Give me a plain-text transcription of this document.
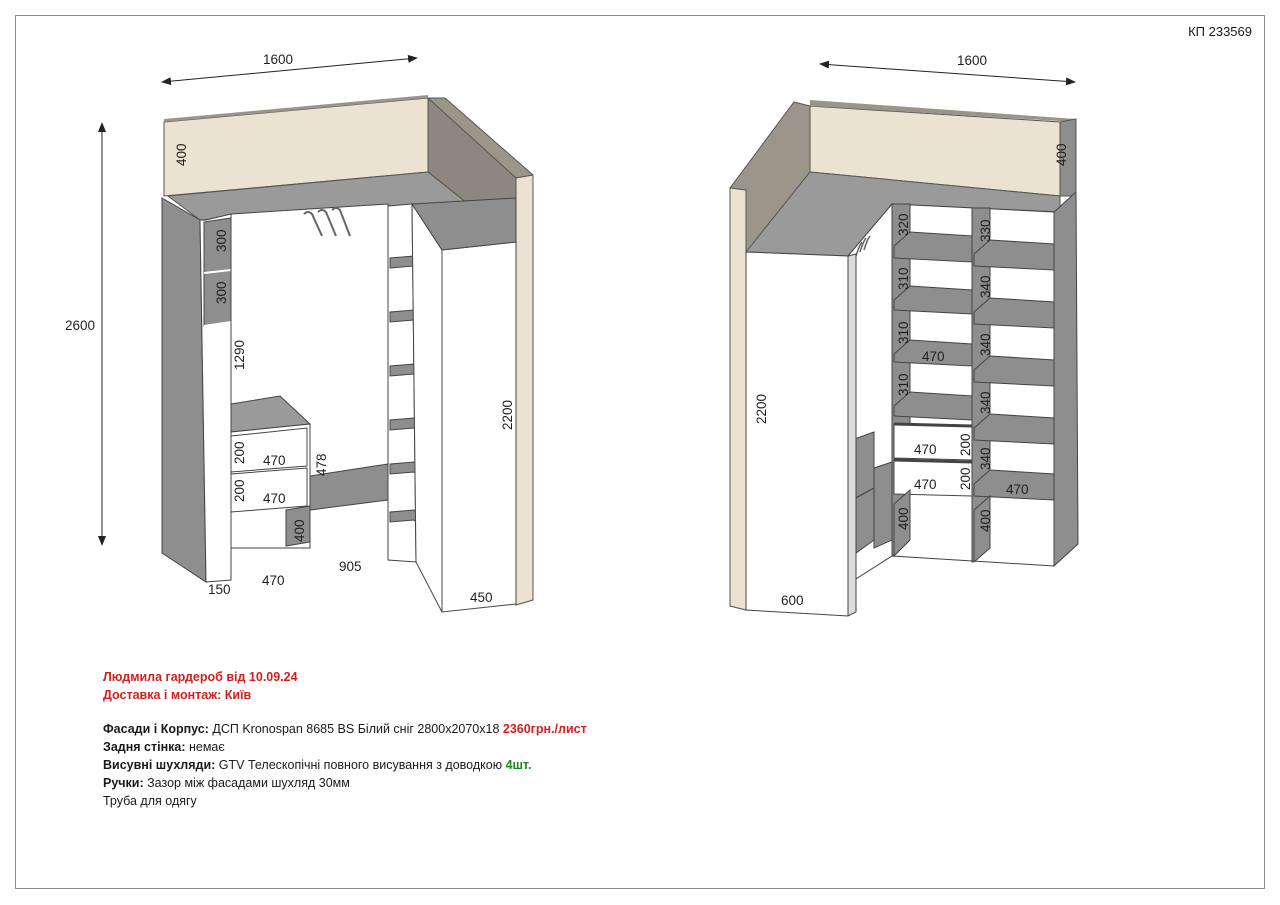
КП 233569
1600
2600
400
300
300
1290
200
200
470
470
478
400
150
470
905
2200
450
1600
400
2200
600
320
310
310
310
200
200
400
330
340
340
340
340
400
470
470
470	470
Людмила гардероб від 10.09.24
Доставка і монтаж: Київ

Фасади і Корпус: ДСП Kronospan 8685 BS Білий сніг 2800х2070х18 2360грн./лист

Задня стінка: немає

Висувні шухляди: GTV Телескопічні повного висування з доводкою 4шт.

Ручки: Зазор між фасадами шухляд 30мм

Труба для одягу
